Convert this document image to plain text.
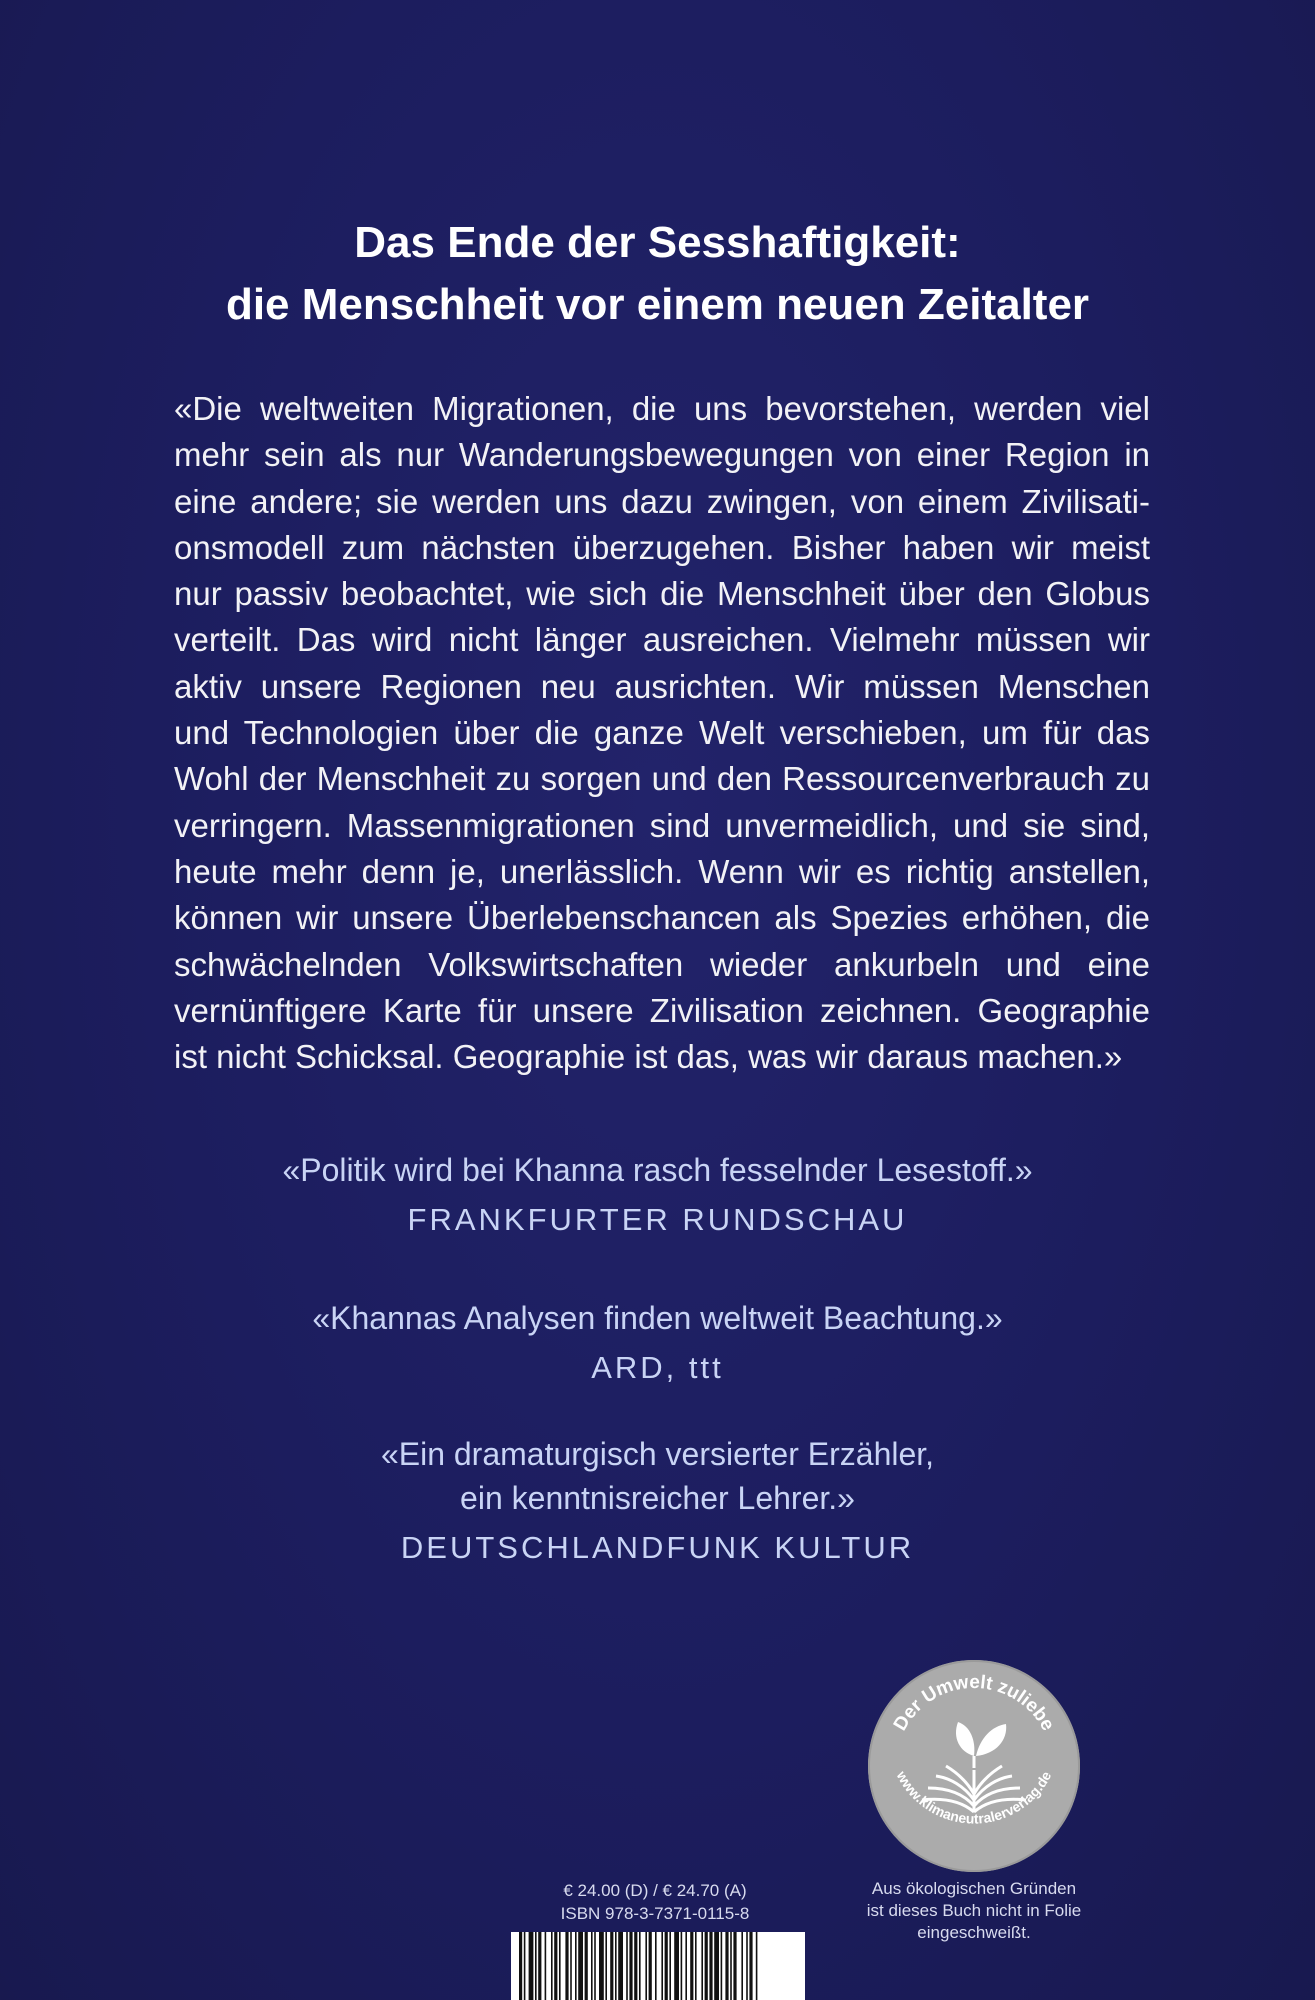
Das Ende der Sesshaftigkeit:
die Menschheit vor einem neuen Zeitalter

«Die weltweiten Migrationen, die uns bevorstehen, werden viel
mehr sein als nur Wanderungsbewegungen von einer Region in
eine andere; sie werden uns dazu zwingen, von einem Zivilisati-
onsmodell zum nächsten überzugehen. Bisher haben wir meist
nur passiv beobachtet, wie sich die Menschheit über den Globus
verteilt. Das wird nicht länger ausreichen. Vielmehr müssen wir
aktiv unsere Regionen neu ausrichten. Wir müssen Menschen
und Technologien über die ganze Welt verschieben, um für das
Wohl der Menschheit zu sorgen und den Ressourcenverbrauch zu
verringern. Massenmigrationen sind unvermeidlich, und sie sind,
heute mehr denn je, unerlässlich. Wenn wir es richtig anstellen,
können wir unsere Überlebenschancen als Spezies erhöhen, die
schwächelnden Volkswirtschaften wieder ankurbeln und eine
vernünftigere Karte für unsere Zivilisation zeichnen. Geographie
ist nicht Schicksal. Geographie ist das, was wir daraus machen.»

«Politik wird bei Khanna rasch fesselnder Lesestoff.»
FRANKFURTER RUNDSCHAU
«Khannas Analysen finden weltweit Beachtung.»
ARD, ttt
«Ein dramaturgisch versierter Erzähler,
ein kenntnisreicher Lehrer.»
DEUTSCHLANDFUNK KULTUR
Der Umwelt zuliebe
www.klimaneutralerverlag.de
Aus ökologischen Gründen
ist dieses Buch nicht in Folie
eingeschweißt.
€ 24.00 (D) / € 24.70 (A)
ISBN 978-3-7371-0115-8
